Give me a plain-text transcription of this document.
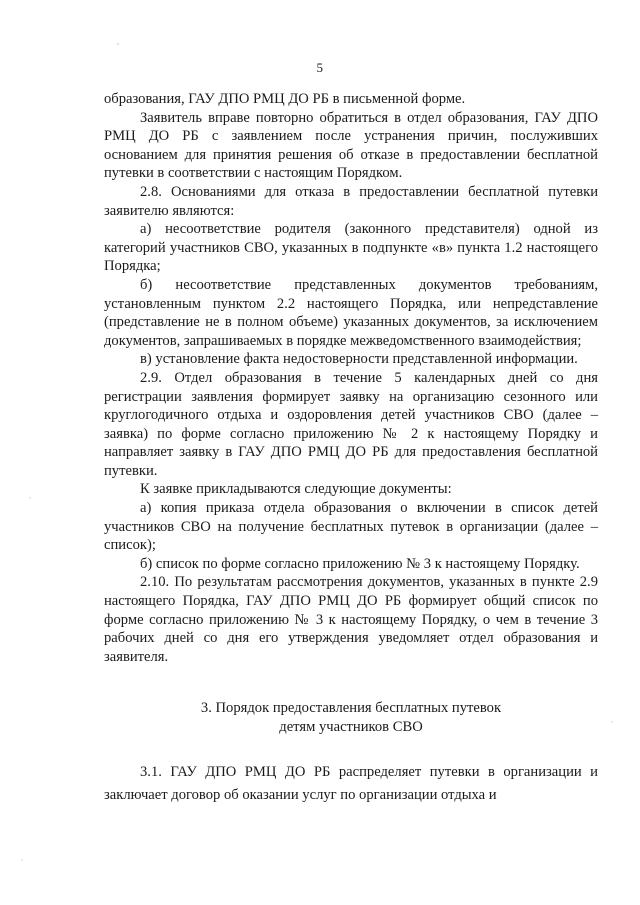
5

образования, ГАУ ДПО РМЦ ДО РБ в письменной форме.

Заявитель вправе повторно обратиться в отдел образования, ГАУ ДПО РМЦ ДО РБ с заявлением после устранения причин, послуживших основанием для принятия решения об отказе в предоставлении бесплатной путевки в соответствии с настоящим Порядком.

2.8. Основаниями для отказа в предоставлении бесплатной путевки заявителю являются:

а) несоответствие родителя (законного представителя) одной из категорий участников СВО, указанных в подпункте «в» пункта 1.2 настоящего Порядка;

б) несоответствие представленных документов требованиям, установленным пунктом 2.2 настоящего Порядка, или непредставление (представление не в полном объеме) указанных документов, за исключением документов, запрашиваемых в порядке межведомственного взаимодействия;

в) установление факта недостоверности представленной информации.

2.9. Отдел образования в течение 5 календарных дней со дня регистрации заявления формирует заявку на организацию сезонного или круглогодичного отдыха и оздоровления детей участников СВО (далее – заявка) по форме согласно приложению № 2 к настоящему Порядку и направляет заявку в ГАУ ДПО РМЦ ДО РБ для предоставления бесплатной путевки.

К заявке прикладываются следующие документы:

а) копия приказа отдела образования о включении в список детей участников СВО на получение бесплатных путевок в организации (далее – список);

б) список по форме согласно приложению № 3 к настоящему Порядку.

2.10. По результатам рассмотрения документов, указанных в пункте 2.9 настоящего Порядка, ГАУ ДПО РМЦ ДО РБ формирует общий список по форме согласно приложению № 3 к настоящему Порядку, о чем в течение 3 рабочих дней со дня его утверждения уведомляет отдел образования и заявителя.

3. Порядок предоставления бесплатных путевок
детям участников СВО

3.1. ГАУ ДПО РМЦ ДО РБ распределяет путевки в организации и заключает договор об оказании услуг по организации отдыха и
